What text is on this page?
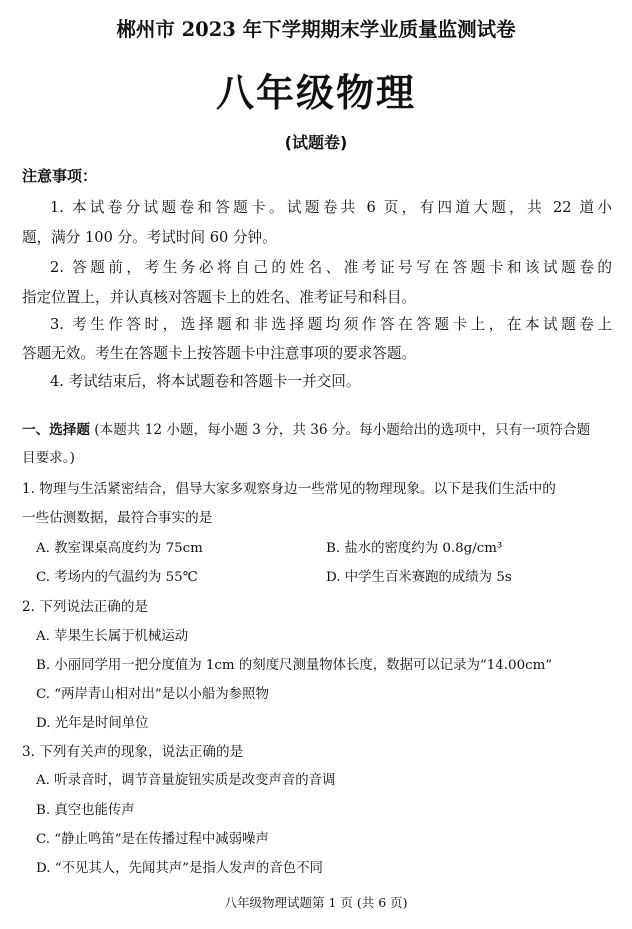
郴州市 2023 年下学期期末学业质量监测试卷
八年级物理
(试题卷)
注意事项：
1. 本试卷分试题卷和答题卡。试题卷共 6 页，有四道大题，共 22 道小
题，满分 100 分。考试时间 60 分钟。
2. 答题前，考生务必将自己的姓名、准考证号写在答题卡和该试题卷的
指定位置上，并认真核对答题卡上的姓名、准考证号和科目。
3. 考生作答时，选择题和非选择题均须作答在答题卡上，在本试题卷上
答题无效。考生在答题卡上按答题卡中注意事项的要求答题。
4. 考试结束后，将本试题卷和答题卡一并交回。
一、选择题 (本题共 12 小题，每小题 3 分，共 36 分。每小题给出的选项中，只有一项符合题
目要求。)
1. 物理与生活紧密结合，倡导大家多观察身边一些常见的物理现象。以下是我们生活中的
一些估测数据，最符合事实的是
A. 教室课桌高度约为 75cm	B. 盐水的密度约为 0.8g/cm³
C. 考场内的气温约为 55℃	D. 中学生百米赛跑的成绩为 5s
2. 下列说法正确的是
A. 苹果生长属于机械运动
B. 小丽同学用一把分度值为 1cm 的刻度尺测量物体长度，数据可以记录为“14.00cm”
C. “两岸青山相对出”是以小船为参照物
D. 光年是时间单位
3. 下列有关声的现象，说法正确的是
A. 听录音时，调节音量旋钮实质是改变声音的音调
B. 真空也能传声
C. “静止鸣笛”是在传播过程中减弱噪声
D. “不见其人，先闻其声”是指人发声的音色不同
八年级物理试题第 1 页 (共 6 页)
